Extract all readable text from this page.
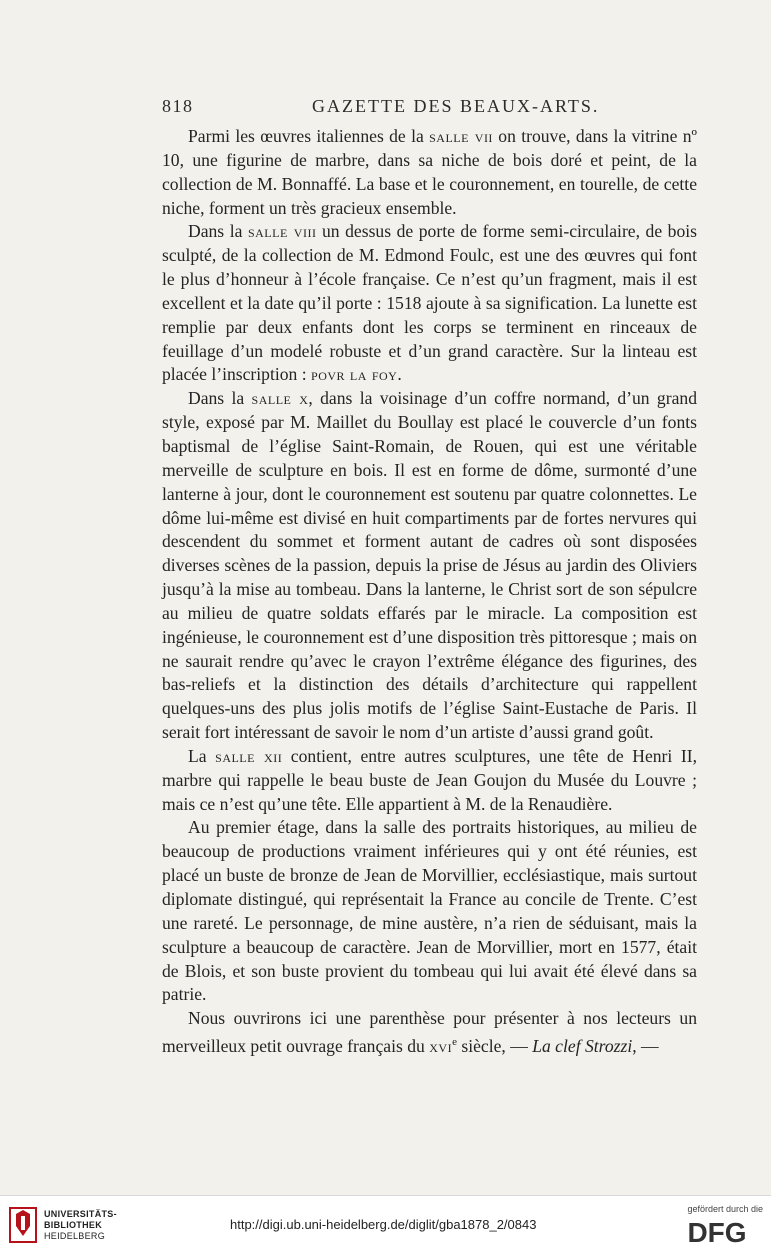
818	GAZETTE DES BEAUX-ARTS.

Parmi les œuvres italiennes de la salle vii on trouve, dans la vitrine nº 10, une figurine de marbre, dans sa niche de bois doré et peint, de la collection de M. Bonnaffé. La base et le couronnement, en tourelle, de cette niche, forment un très gracieux ensemble.

Dans la salle viii un dessus de porte de forme semi-circulaire, de bois sculpté, de la collection de M. Edmond Foulc, est une des œuvres qui font le plus d’honneur à l’école française. Ce n’est qu’un fragment, mais il est excellent et la date qu’il porte : 1518 ajoute à sa signification. La lunette est remplie par deux enfants dont les corps se terminent en rinceaux de feuillage d’un modelé robuste et d’un grand caractère. Sur la linteau est placée l’inscription : povr la foy.

Dans la salle x, dans la voisinage d’un coffre normand, d’un grand style, exposé par M. Maillet du Boullay est placé le couvercle d’un fonts baptismal de l’église Saint-Romain, de Rouen, qui est une véritable merveille de sculpture en bois. Il est en forme de dôme, surmonté d’une lanterne à jour, dont le couronnement est soutenu par quatre colonnettes. Le dôme lui-même est divisé en huit compartiments par de fortes nervures qui descendent du sommet et forment autant de cadres où sont disposées diverses scènes de la passion, depuis la prise de Jésus au jardin des Oliviers jusqu’à la mise au tombeau. Dans la lanterne, le Christ sort de son sépulcre au milieu de quatre soldats effarés par le miracle. La composition est ingénieuse, le couronnement est d’une disposition très pittoresque ; mais on ne saurait rendre qu’avec le crayon l’extrême élégance des figurines, des bas-reliefs et la distinction des détails d’architecture qui rappellent quelques-uns des plus jolis motifs de l’église Saint-Eustache de Paris. Il serait fort intéressant de savoir le nom d’un artiste d’aussi grand goût.

La salle xii contient, entre autres sculptures, une tête de Henri II, marbre qui rappelle le beau buste de Jean Goujon du Musée du Louvre ; mais ce n’est qu’une tête. Elle appartient à M. de la Renaudière.

Au premier étage, dans la salle des portraits historiques, au milieu de beaucoup de productions vraiment inférieures qui y ont été réunies, est placé un buste de bronze de Jean de Morvillier, ecclésiastique, mais surtout diplomate distingué, qui représentait la France au concile de Trente. C’est une rareté. Le personnage, de mine austère, n’a rien de séduisant, mais la sculpture a beaucoup de caractère. Jean de Morvillier, mort en 1577, était de Blois, et son buste provient du tombeau qui lui avait été élevé dans sa patrie.

Nous ouvrirons ici une parenthèse pour présenter à nos lecteurs un merveilleux petit ouvrage français du xvi$^e$ siècle, — La clef Strozzi, —

UNIVERSITÄTS-
BIBLIOTHEK
HEIDELBERG
http://digi.ub.uni-heidelberg.de/diglit/gba1878_2/0843
gefördert durch die
DFG
